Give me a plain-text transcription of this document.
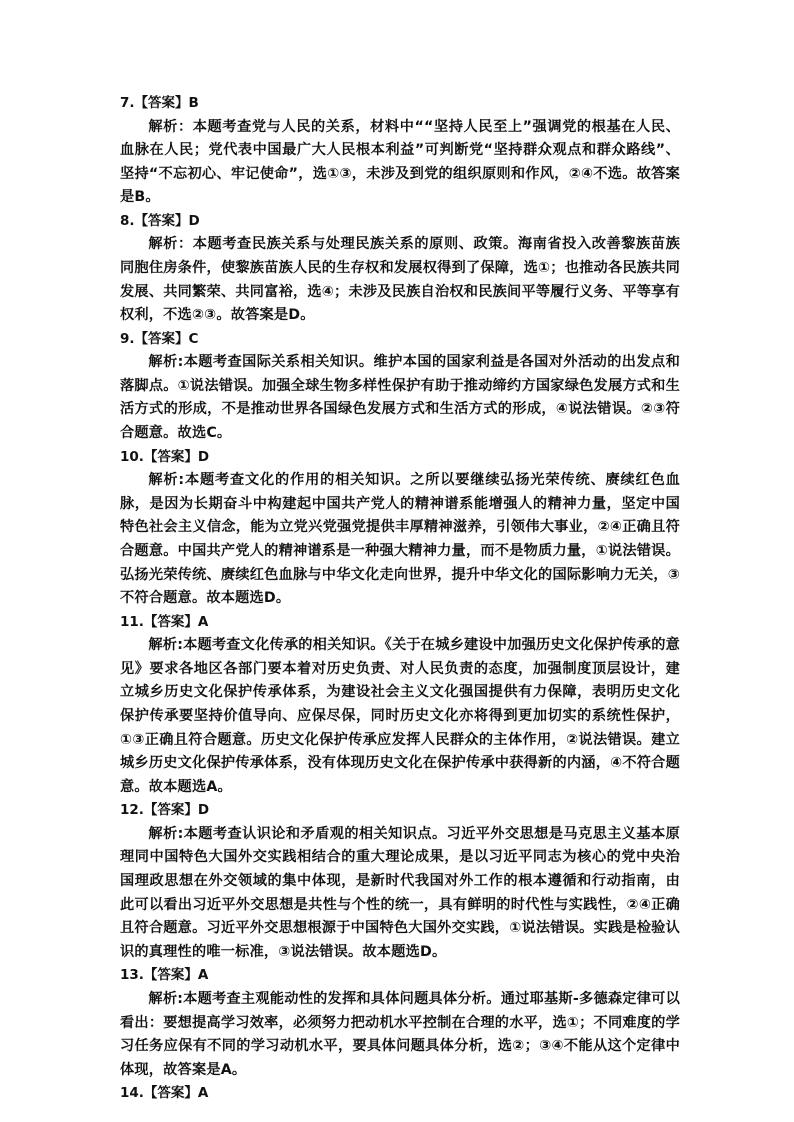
7.【答案】B

解析：本题考查党与人民的关系，材料中““坚持人民至上”强调党的根基在人民、血脉在人民；党代表中国最广大人民根本利益”可判断党“坚持群众观点和群众路线”、坚持“不忘初心、牢记使命”，选①③，未涉及到党的组织原则和作风，②④不选。故答案是B。

8.【答案】D

解析：本题考查民族关系与处理民族关系的原则、政策。海南省投入改善黎族苗族同胞住房条件，使黎族苗族人民的生存权和发展权得到了保障，选①；也推动各民族共同发展、共同繁荣、共同富裕，选④；未涉及民族自治权和民族间平等履行义务、平等享有权利，不选②③。故答案是D。

9.【答案】C

解析:本题考查国际关系相关知识。维护本国的国家利益是各国对外活动的出发点和落脚点。①说法错误。加强全球生物多样性保护有助于推动缔约方国家绿色发展方式和生活方式的形成，不是推动世界各国绿色发展方式和生活方式的形成，④说法错误。②③符合题意。故选C。

10.【答案】D

解析:本题考查文化的作用的相关知识。之所以要继续弘扬光荣传统、赓续红色血脉，是因为长期奋斗中构建起中国共产党人的精神谱系能增强人的精神力量，坚定中国特色社会主义信念，能为立党兴党强党提供丰厚精神滋养，引领伟大事业，②④正确且符合题意。中国共产党人的精神谱系是一种强大精神力量，而不是物质力量，①说法错误。弘扬光荣传统、赓续红色血脉与中华文化走向世界，提升中华文化的国际影响力无关，③不符合题意。故本题选D。

11.【答案】A

解析:本题考查文化传承的相关知识。《关于在城乡建设中加强历史文化保护传承的意见》要求各地区各部门要本着对历史负责、对人民负责的态度，加强制度顶层设计，建立城乡历史文化保护传承体系，为建设社会主义文化强国提供有力保障，表明历史文化保护传承要坚持价值导向、应保尽保，同时历史文化亦将得到更加切实的系统性保护，①③正确且符合题意。历史文化保护传承应发挥人民群众的主体作用，②说法错误。建立城乡历史文化保护传承体系，没有体现历史文化在保护传承中获得新的内涵，④不符合题意。故本题选A。

12.【答案】D

解析:本题考查认识论和矛盾观的相关知识点。习近平外交思想是马克思主义基本原理同中国特色大国外交实践相结合的重大理论成果，是以习近平同志为核心的党中央治国理政思想在外交领域的集中体现，是新时代我国对外工作的根本遵循和行动指南，由此可以看出习近平外交思想是共性与个性的统一，具有鲜明的时代性与实践性，②④正确且符合题意。习近平外交思想根源于中国特色大国外交实践，①说法错误。实践是检验认识的真理性的唯一标准，③说法错误。故本题选D。

13.【答案】A

解析:本题考查主观能动性的发挥和具体问题具体分析。通过耶基斯-多德森定律可以看出：要想提高学习效率，必须努力把动机水平控制在合理的水平，选①；不同难度的学习任务应保有不同的学习动机水平，要具体问题具体分析，选②；③④不能从这个定律中体现，故答案是A。

14.【答案】A
